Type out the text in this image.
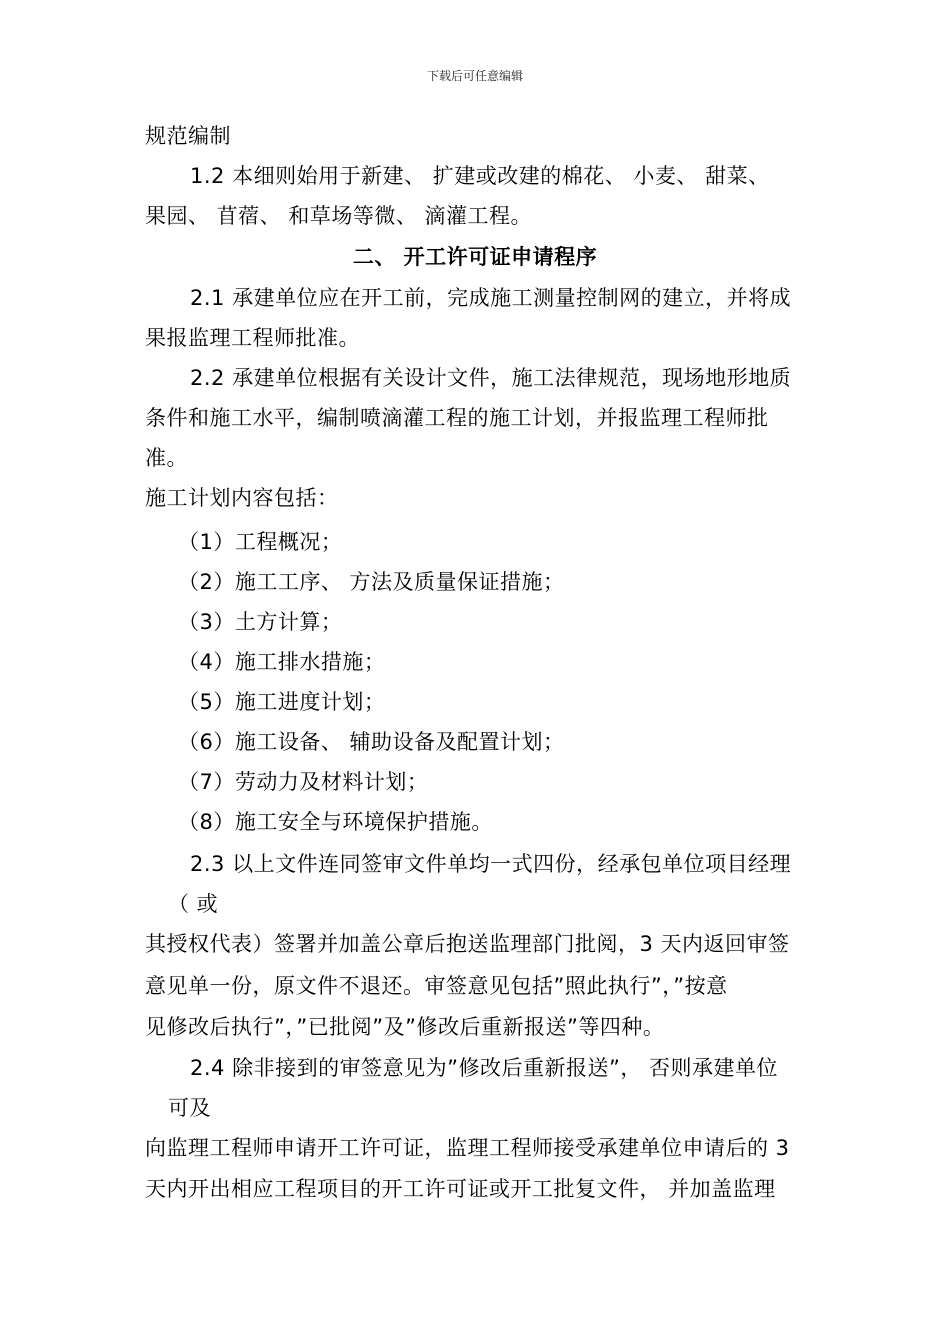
下载后可任意编辑
规范编制
1.2 本细则始用于新建、 扩建或改建的棉花、 小麦、 甜菜、
果园、 苜蓿、 和草场等微、 滴灌工程。
二、 开工许可证申请程序
2.1 承建单位应在开工前，完成施工测量控制网的建立，并将成
果报监理工程师批准。
2.2 承建单位根据有关设计文件，施工法律规范，现场地形地质
条件和施工水平，编制喷滴灌工程的施工计划，并报监理工程师批
准。
施工计划内容包括：
（1）工程概况；
（2）施工工序、 方法及质量保证措施；
（3）土方计算；
（4）施工排水措施；
（5）施工进度计划；
（6）施工设备、 辅助设备及配置计划；
（7）劳动力及材料计划；
（8）施工安全与环境保护措施。
2.3 以上文件连同签审文件单均一式四份，经承包单位项目经理
（ 或
其授权代表）签署并加盖公章后抱送监理部门批阅，3 天内返回审签
意见单一份，原文件不退还。审签意见包括”照此执行”，”按意
见修改后执行”，”已批阅”及”修改后重新报送”等四种。
2.4 除非接到的审签意见为”修改后重新报送”， 否则承建单位
可及
向监理工程师申请开工许可证，监理工程师接受承建单位申请后的 3
天内开出相应工程项目的开工许可证或开工批复文件， 并加盖监理
